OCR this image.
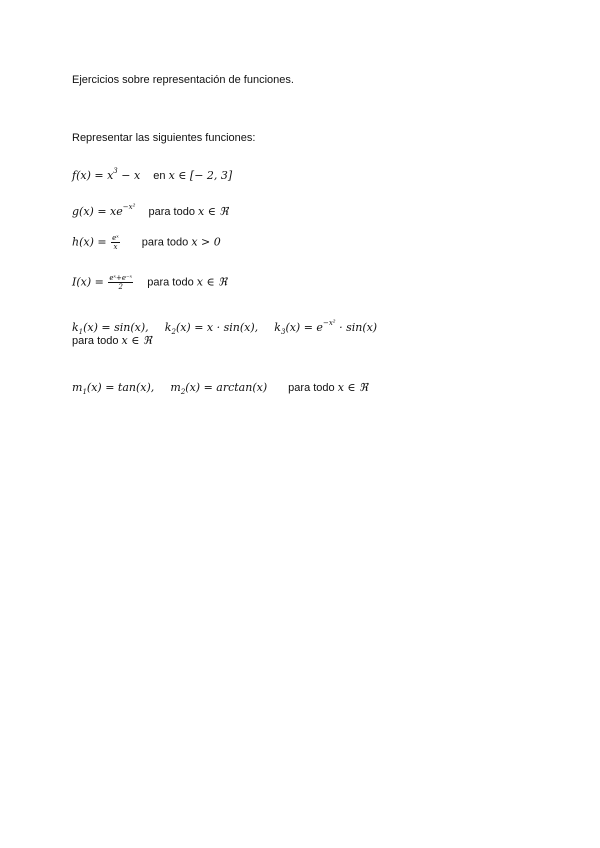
Ejercicios sobre representación de funciones.
Representar las siguientes funciones:
$f(x) = x^3 - x$ en x ∈ [− 2, 3]
$g(x) = xe^{-x^2}$ para todo x ∈ ℜ
$h(x) = \frac{\text{eˣ}}{x}$ para todo x > 0
$I(x) = \frac{\text{eˣ+e⁻ˣ}}{2}$ para todo x ∈ ℜ
$k_1(x) = \sin(x)$, $k_2(x) = x \cdot \sin(x)$, $k_3(x) = e^{-x^2} \cdot \sin(x)$
para todo x ∈ ℜ
$m_1(x) = \tan(x)$, $m_2(x) = \arctan(x)$ para todo x ∈ ℜ
